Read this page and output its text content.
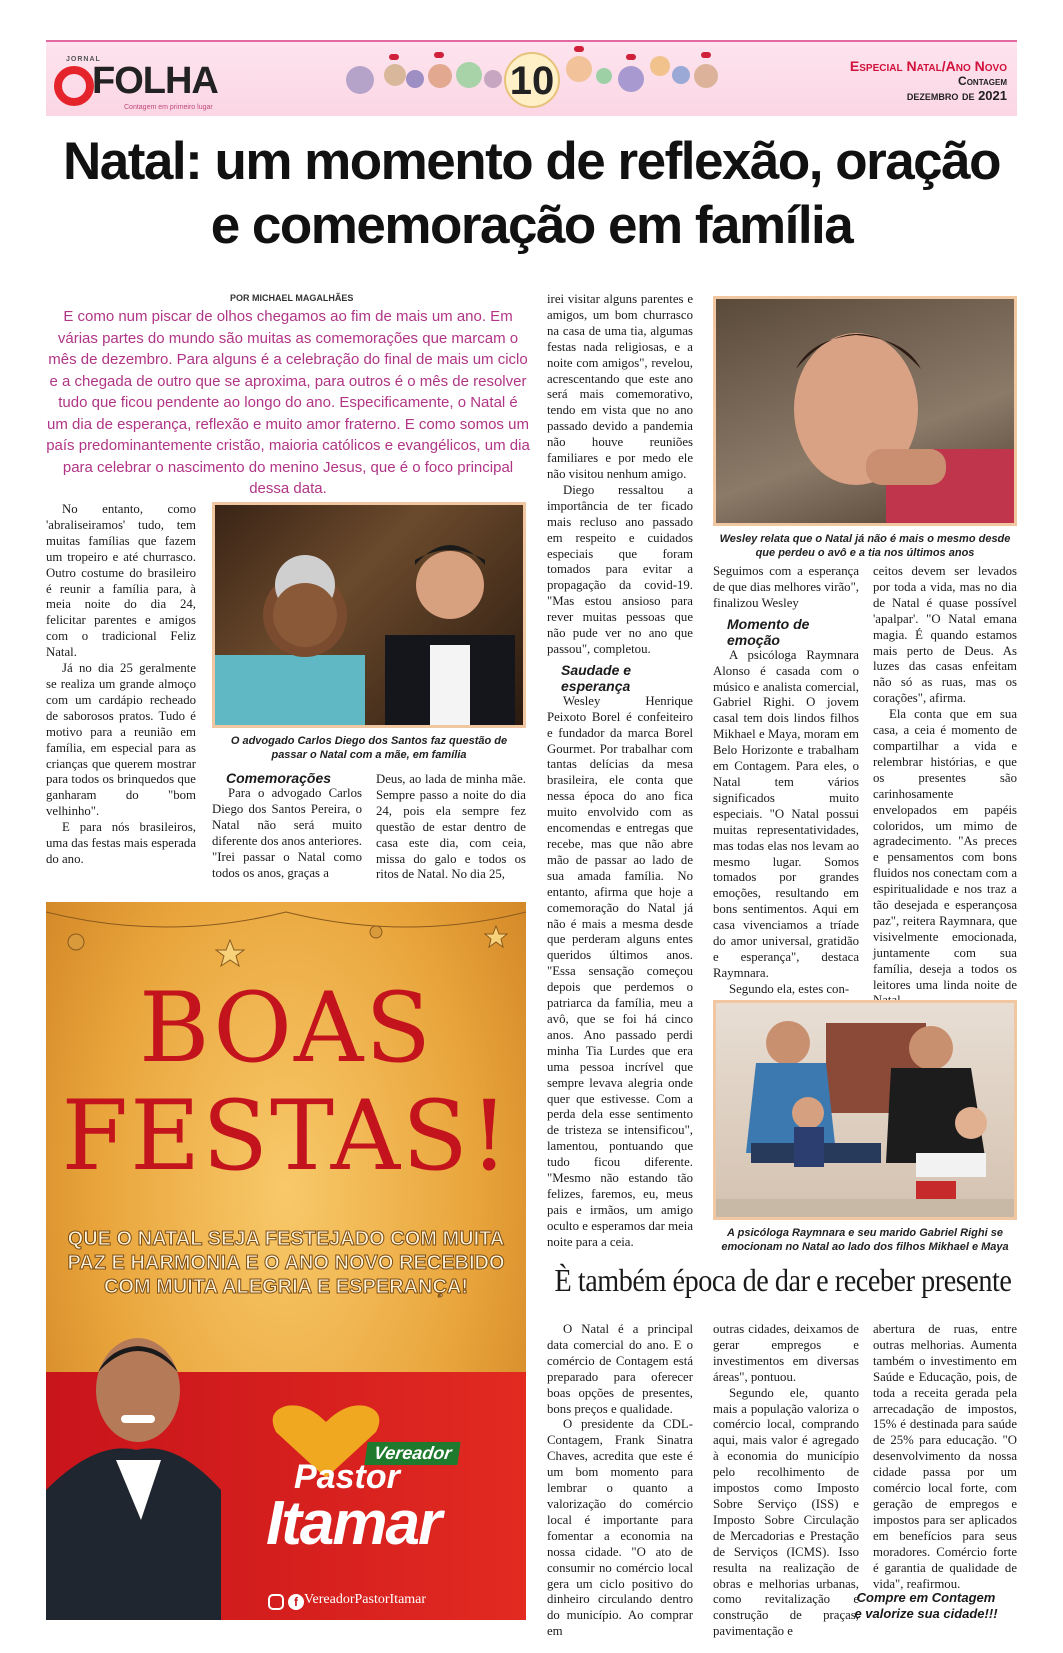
JORNAL
FOLHA
Contagem em primeiro lugar
10	Especial Natal/Ano Novo
Contagem
dezembro de 2021
Natal: um momento de reflexão, oração e comemoração em família
POR MICHAEL MAGALHÃES
E como num piscar de olhos chegamos ao fim de mais um ano. Em várias partes do mundo são muitas as comemorações que marcam o mês de dezembro. Para alguns é a celebração do final de mais um ciclo e a chegada de outro que se aproxima, para outros é o mês de resolver tudo que ficou pendente ao longo do ano. Especificamente, o Natal é um dia de esperança, reflexão e muito amor fraterno. E como somos um país predominantemente cristão, maioria católicos e evangélicos, um dia para celebrar o nascimento do menino Jesus, que é o foco principal dessa data.

No entanto, como 'abraliseiramos' tudo, tem muitas famílias que fazem um tropeiro e até churrasco. Outro costume do brasileiro é reunir a família para, à meia noite do dia 24, felicitar parentes e amigos com o tradicional Feliz Natal.

Já no dia 25 geralmente se realiza um grande almoço com um cardápio recheado de saborosos pratos. Tudo é motivo para a reunião em família, em especial para as crianças que querem mostrar para todos os brinquedos que ganharam do "bom velhinho".

E para nós brasileiros, uma das festas mais esperada do ano.

O advogado Carlos Diego dos Santos faz questão de passar o Natal com a mãe, em família
Comemorações

Para o advogado Carlos Diego dos Santos Pereira, o Natal não será muito diferente dos anos anteriores. "Irei passar o Natal como todos os anos, graças a

Deus, ao lada de minha mãe. Sempre passo a noite do dia 24, pois ela sempre fez questão de estar dentro de casa este dia, com ceia, missa do galo e todos os ritos de Natal. No dia 25,

irei visitar alguns parentes e amigos, um bom churrasco na casa de uma tia, algumas festas nada religiosas, e a noite com amigos", revelou, acrescentando que este ano será mais comemorativo, tendo em vista que no ano passado devido a pandemia não houve reuniões familiares e por medo ele não visitou nenhum amigo.

Diego ressaltou a importância de ter ficado mais recluso ano passado em respeito e cuidados especiais que foram tomados para evitar a propagação da covid-19. "Mas estou ansioso para rever muitas pessoas que não pude ver no ano que passou", completou.

Saudade e esperança

Wesley Henrique Peixoto Borel é confeiteiro e fundador da marca Borel Gourmet. Por trabalhar com tantas delícias da mesa brasileira, ele conta que nessa época do ano fica muito envolvido com as encomendas e entregas que recebe, mas que não abre mão de passar ao lado de sua amada família. No entanto, afirma que hoje a comemoração do Natal já não é mais a mesma desde que perderam alguns entes queridos últimos anos. "Essa sensação começou depois que perdemos o patriarca da família, meu a avô, que se foi há cinco anos. Ano passado perdi minha Tia Lurdes que era uma pessoa incrível que sempre levava alegria onde quer que estivesse. Com a perda dela esse sentimento de tristeza se intensificou", lamentou, pontuando que tudo ficou diferente. "Mesmo não estando tão felizes, faremos, eu, meus pais e irmãos, um amigo oculto e esperamos dar meia noite para a ceia.

Wesley relata que o Natal já não é mais o mesmo desde que perdeu o avô e a tia nos últimos anos

Seguimos com a esperança de que dias melhores virão", finalizou Wesley

Momento de emoção

A psicóloga Raymnara Alonso é casada com o músico e analista comercial, Gabriel Righi. O jovem casal tem dois lindos filhos Mikhael e Maya, moram em Belo Horizonte e trabalham em Contagem. Para eles, o Natal tem vários significados muito especiais. "O Natal possui muitas representatividades, mas todas elas nos levam ao mesmo lugar. Somos tomados por grandes emoções, resultando em bons sentimentos. Aqui em casa vivenciamos a tríade do amor universal, gratidão e esperança", destaca Raymnara.

Segundo ela, estes con-

ceitos devem ser levados por toda a vida, mas no dia de Natal é quase possível 'apalpar'. "O Natal emana magia. É quando estamos mais perto de Deus. As luzes das casas enfeitam não só as ruas, mas os corações", afirma.

Ela conta que em sua casa, a ceia é momento de compartilhar a vida e relembrar histórias, e que os presentes são carinhosamente envelopados em papéis coloridos, um mimo de agradecimento. "As preces e pensamentos com bons fluidos nos conectam com a espiritualidade e nos traz a tão desejada e esperançosa paz", reitera Raymnara, que visivelmente emocionada, juntamente com sua família, deseja a todos os leitores uma linda noite de

A psicóloga Raymnara e seu marido Gabriel Righi se emocionam no Natal ao lado dos filhos Mikhael e Maya
È também época de dar e receber presente

O Natal é a principal data comercial do ano. E o comércio de Contagem está preparado para oferecer boas opções de presentes, bons preços e qualidade.

O presidente da CDL-Contagem, Frank Sinatra Chaves, acredita que este é um bom momento para lembrar o quanto a valorização do comércio local é importante para fomentar a economia na nossa cidade. "O ato de consumir no comércio local gera um ciclo positivo do dinheiro circulando dentro do município. Ao comprar em

outras cidades, deixamos de gerar empregos e investimentos em diversas áreas", pontuou.

Segundo ele, quanto mais a população valoriza o comércio local, comprando aqui, mais valor é agregado à economia do município pelo recolhimento de impostos como Imposto Sobre Serviço (ISS) e Imposto Sobre Circulação de Mercadorias e Prestação de Serviços (ICMS). Isso resulta na realização de obras e melhorias urbanas, como revitalização e construção de praças, pavimentação e

abertura de ruas, entre outras melhorias. Aumenta também o investimento em Saúde e Educação, pois, de toda a receita gerada pela arrecadação de impostos, 15% é destinada para saúde de 25% para educação. "O desenvolvimento da nossa cidade passa por um comércio local forte, com geração de empregos e impostos para ser aplicados em benefícios para seus moradores. Comércio forte é garantia de qualidade de vida", reafirmou.

Compre em Contagem
e valorize sua cidade!!!
BOAS
FESTAS!
QUE O NATAL SEJA FESTEJADO COM MUITA PAZ E HARMONIA E O ANO NOVO RECEBIDO COM MUITA ALEGRIA E ESPERANÇA!
Vereador
Pastor
Itamar
f VereadorPastorItamar
